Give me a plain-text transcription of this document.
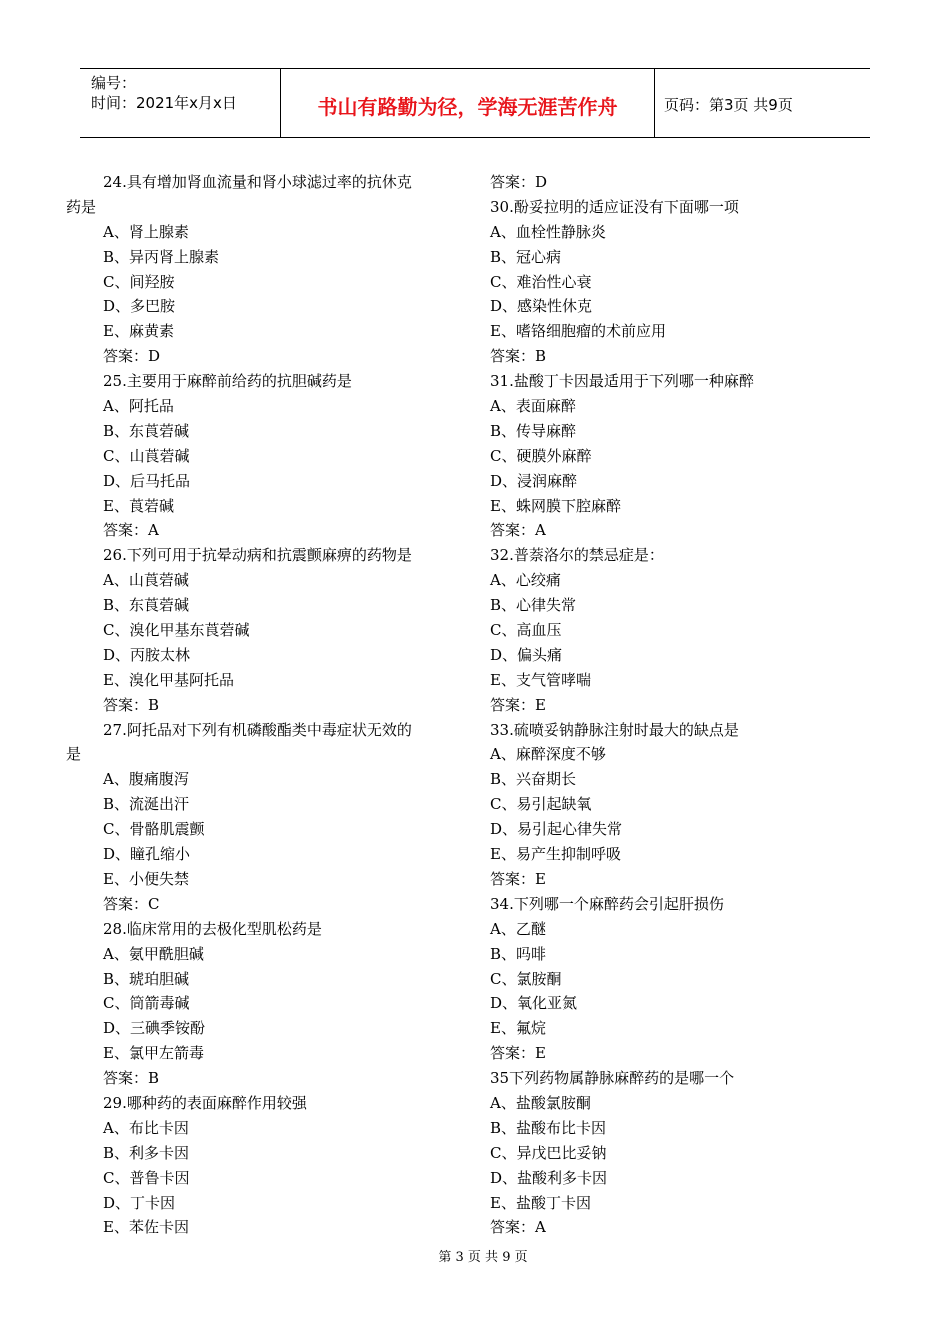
编号：
时间：2021年x月x日	书山有路勤为径，学海无涯苦作舟	页码：第3页 共9页
24.具有增加肾血流量和肾小球滤过率的抗休克
药是
A、肾上腺素
B、异丙肾上腺素
C、间羟胺
D、多巴胺
E、麻黄素
答案：D
25.主要用于麻醉前给药的抗胆碱药是
A、阿托品
B、东莨菪碱
C、山莨菪碱
D、后马托品
E、莨菪碱
答案：A
26.下列可用于抗晕动病和抗震颤麻痹的药物是
A、山莨菪碱
B、东莨菪碱
C、溴化甲基东莨菪碱
D、丙胺太林
E、溴化甲基阿托品
答案：B
27.阿托品对下列有机磷酸酯类中毒症状无效的
是
A、腹痛腹泻
B、流涎出汗
C、骨骼肌震颤
D、瞳孔缩小
E、小便失禁
答案：C
28.临床常用的去极化型肌松药是
A、氨甲酰胆碱
B、琥珀胆碱
C、筒箭毒碱
D、三碘季铵酚
E、氯甲左箭毒
答案：B
29.哪种药的表面麻醉作用较强
A、布比卡因
B、利多卡因
C、普鲁卡因
D、丁卡因
E、苯佐卡因
答案：D
30.酚妥拉明的适应证没有下面哪一项
A、血栓性静脉炎
B、冠心病
C、难治性心衰
D、感染性休克
E、嗜铬细胞瘤的术前应用
答案：B
31.盐酸丁卡因最适用于下列哪一种麻醉
A、表面麻醉
B、传导麻醉
C、硬膜外麻醉
D、浸润麻醉
E、蛛网膜下腔麻醉
答案：A
32.普萘洛尔的禁忌症是：
A、心绞痛
B、心律失常
C、高血压
D、偏头痛
E、支气管哮喘
答案：E
33.硫喷妥钠静脉注射时最大的缺点是
A、麻醉深度不够
B、兴奋期长
C、易引起缺氧
D、易引起心律失常
E、易产生抑制呼吸
答案：E
34.下列哪一个麻醉药会引起肝损伤
A、乙醚
B、吗啡
C、氯胺酮
D、氧化亚氮
E、氟烷
答案：E
35下列药物属静脉麻醉药的是哪一个
A、盐酸氯胺酮
B、盐酸布比卡因
C、异戊巴比妥钠
D、盐酸利多卡因
E、盐酸丁卡因
答案：A
第 3 页 共 9 页
